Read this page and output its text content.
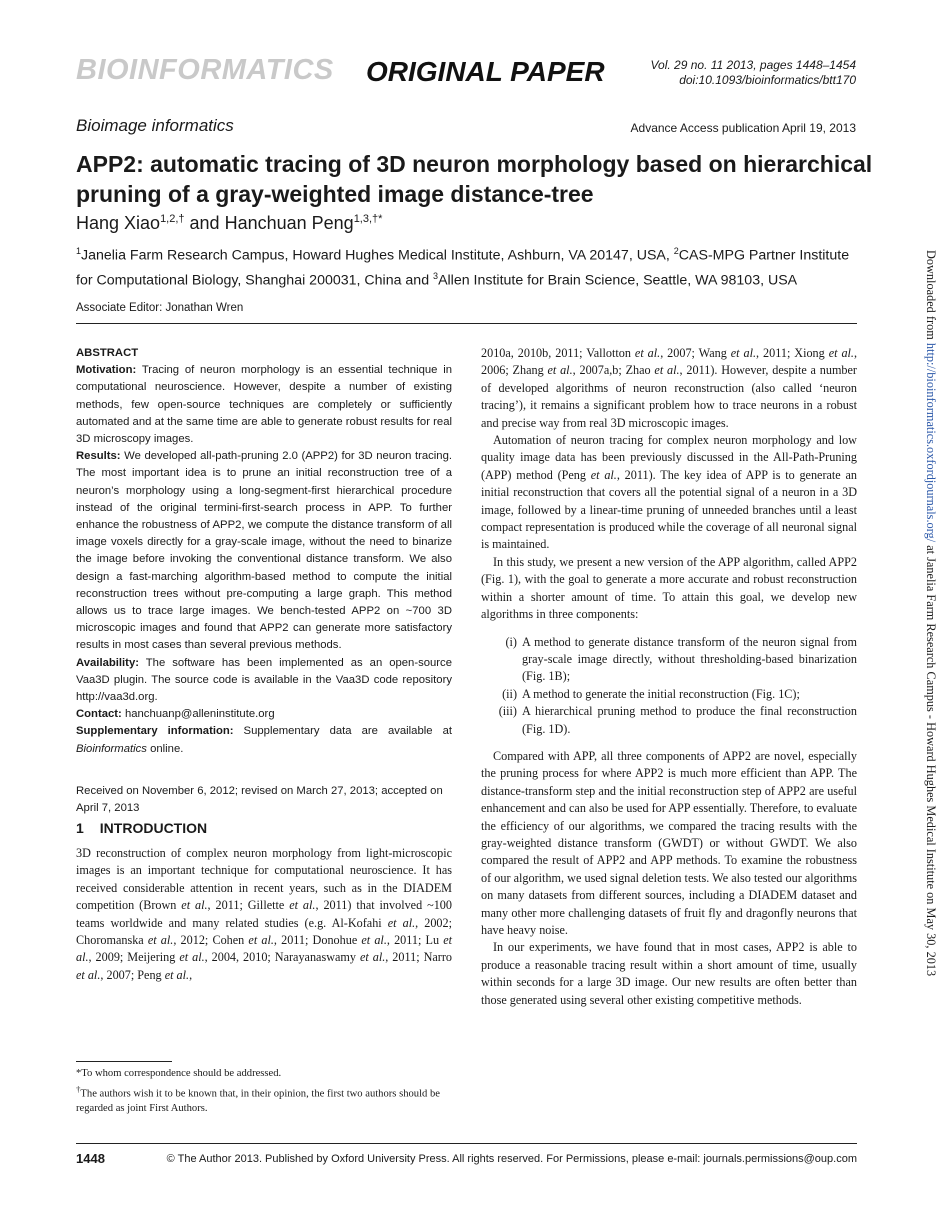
BIOINFORMATICS ORIGINAL PAPER	Vol. 29 no. 11 2013, pages 1448–1454
doi:10.1093/bioinformatics/btt170
Bioimage informatics	Advance Access publication April 19, 2013
APP2: automatic tracing of 3D neuron morphology based on hierarchical pruning of a gray-weighted image distance-tree
Hang Xiao$^{1,2,\dagger}$ and Hanchuan Peng$^{1,3,\dagger*}$
$^1$Janelia Farm Research Campus, Howard Hughes Medical Institute, Ashburn, VA 20147, USA, $^2$CAS-MPG Partner Institute for Computational Biology, Shanghai 200031, China and $^3$Allen Institute for Brain Science, Seattle, WA 98103, USA
Associate Editor: Jonathan Wren

ABSTRACT

Motivation: Tracing of neuron morphology is an essential technique in computational neuroscience. However, despite a number of existing methods, few open-source techniques are completely or sufficiently automated and at the same time are able to generate robust results for real 3D microscopy images.

Results: We developed all-path-pruning 2.0 (APP2) for 3D neuron tracing. The most important idea is to prune an initial reconstruction tree of a neuron’s morphology using a long-segment-first hierarchical procedure instead of the original termini-first-search process in APP. To further enhance the robustness of APP2, we compute the distance transform of all image voxels directly for a gray-scale image, without the need to binarize the image before invoking the conventional distance transform. We also design a fast-marching algorithm-based method to compute the initial reconstruction trees without pre-computing a large graph. This method allows us to trace large images. We bench-tested APP2 on ~700 3D microscopic images and found that APP2 can generate more satisfactory results in most cases than several previous methods.

Availability: The software has been implemented as an open-source Vaa3D plugin. The source code is available in the Vaa3D code repository http://vaa3d.org.

Contact: hanchuanp@alleninstitute.org

Supplementary information: Supplementary data are available at Bioinformatics online.

Received on November 6, 2012; revised on March 27, 2013; accepted on April 7, 2013
1 INTRODUCTION

3D reconstruction of complex neuron morphology from light-microscopic images is an important technique for computational neuroscience. It has received considerable attention in recent years, such as in the DIADEM competition (Brown et al., 2011; Gillette et al., 2011) that involved ~100 teams worldwide and many related studies (e.g. Al-Kofahi et al., 2002; Choromanska et al., 2012; Cohen et al., 2011; Donohue et al., 2011; Lu et al., 2009; Meijering et al., 2004, 2010; Narayanaswamy et al., 2011; Narro et al., 2007; Peng et al.,

*To whom correspondence should be addressed.

†The authors wish it to be known that, in their opinion, the first two authors should be regarded as joint First Authors.

2010a, 2010b, 2011; Vallotton et al., 2007; Wang et al., 2011; Xiong et al., 2006; Zhang et al., 2007a,b; Zhao et al., 2011). However, despite a number of developed algorithms of neuron reconstruction (also called ‘neuron tracing’), it remains a significant problem how to trace neurons in a robust and precise way from real 3D microscopic images.

Automation of neuron tracing for complex neuron morphology and low quality image data has been previously discussed in the All-Path-Pruning (APP) method (Peng et al., 2011). The key idea of APP is to generate an initial reconstruction that covers all the potential signal of a neuron in a 3D image, followed by a linear-time pruning of unneeded branches until a least compact representation is produced while the coverage of all neuronal signal is maintained.

In this study, we present a new version of the APP algorithm, called APP2 (Fig. 1), with the goal to generate a more accurate and robust reconstruction within a shorter amount of time. To attain this goal, we develop new algorithms in three components:

(i) A method to generate distance transform of the neuron signal from gray-scale image directly, without thresholding-based binarization (Fig. 1B);
(ii) A method to generate the initial reconstruction (Fig. 1C);
(iii) A hierarchical pruning method to produce the final reconstruction (Fig. 1D).

Compared with APP, all three components of APP2 are novel, especially the pruning process for where APP2 is much more efficient than APP. The distance-transform step and the initial reconstruction step of APP2 are useful enhancement and can also be used for APP essentially. Therefore, to evaluate the efficiency of our algorithms, we compared the tracing results with the gray-weighted distance transform (GWDT) or without GWDT. We also compared the result of APP2 and APP methods. To examine the robustness of our algorithm, we used signal deletion tests. We also tested our algorithms on many datasets from different sources, including a DIADEM dataset and many other more challenging datasets of fruit fly and dragonfly neurons that have heavy noise.

In our experiments, we have found that in most cases, APP2 is able to produce a reasonable tracing result within a short amount of time, usually within seconds for a large 3D image. Our new results are often better than those generated using several other existing competitive methods.

1448	© The Author 2013. Published by Oxford University Press. All rights reserved. For Permissions, please e-mail: journals.permissions@oup.com
Downloaded from http://bioinformatics.oxfordjournals.org/ at Janelia Farm Research Campus - Howard Hughes Medical Institute on May 30, 2013
